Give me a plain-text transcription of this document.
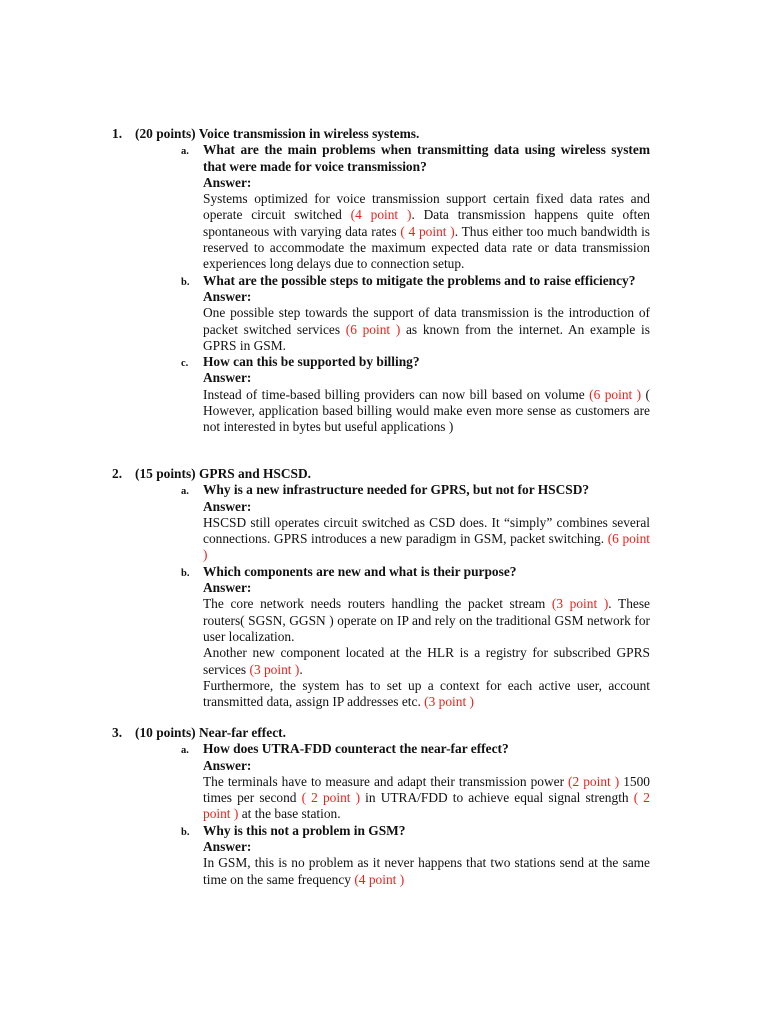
1. (20 points) Voice transmission in wireless systems.
a. What are the main problems when transmitting data using wireless system that were made for voice transmission?
Answer:
Systems optimized for voice transmission support certain fixed data rates and operate circuit switched (4 point ). Data transmission happens quite often spontaneous with varying data rates ( 4 point ). Thus either too much bandwidth is reserved to accommodate the maximum expected data rate or data transmission experiences long delays due to connection setup.
b. What are the possible steps to mitigate the problems and to raise efficiency?
Answer:
One possible step towards the support of data transmission is the introduction of packet switched services (6 point ) as known from the internet. An example is GPRS in GSM.
c. How can this be supported by billing?
Answer:
Instead of time-based billing providers can now bill based on volume (6 point ) ( However, application based billing would make even more sense as customers are not interested in bytes but useful applications )
2. (15 points) GPRS and HSCSD.
a. Why is a new infrastructure needed for GPRS, but not for HSCSD?
Answer:
HSCSD still operates circuit switched as CSD does. It “simply” combines several connections. GPRS introduces a new paradigm in GSM, packet switching. (6 point )
b. Which components are new and what is their purpose?
Answer:
The core network needs routers handling the packet stream (3 point ). These routers( SGSN, GGSN ) operate on IP and rely on the traditional GSM network for user localization.
Another new component located at the HLR is a registry for subscribed GPRS services (3 point ).
Furthermore, the system has to set up a context for each active user, account transmitted data, assign IP addresses etc. (3 point )
3. (10 points) Near-far effect.
a. How does UTRA-FDD counteract the near-far effect?
Answer:
The terminals have to measure and adapt their transmission power (2 point ) 1500 times per second ( 2 point ) in UTRA/FDD to achieve equal signal strength ( 2 point ) at the base station.
b. Why is this not a problem in GSM?
Answer:
In GSM, this is no problem as it never happens that two stations send at the same time on the same frequency (4 point )
